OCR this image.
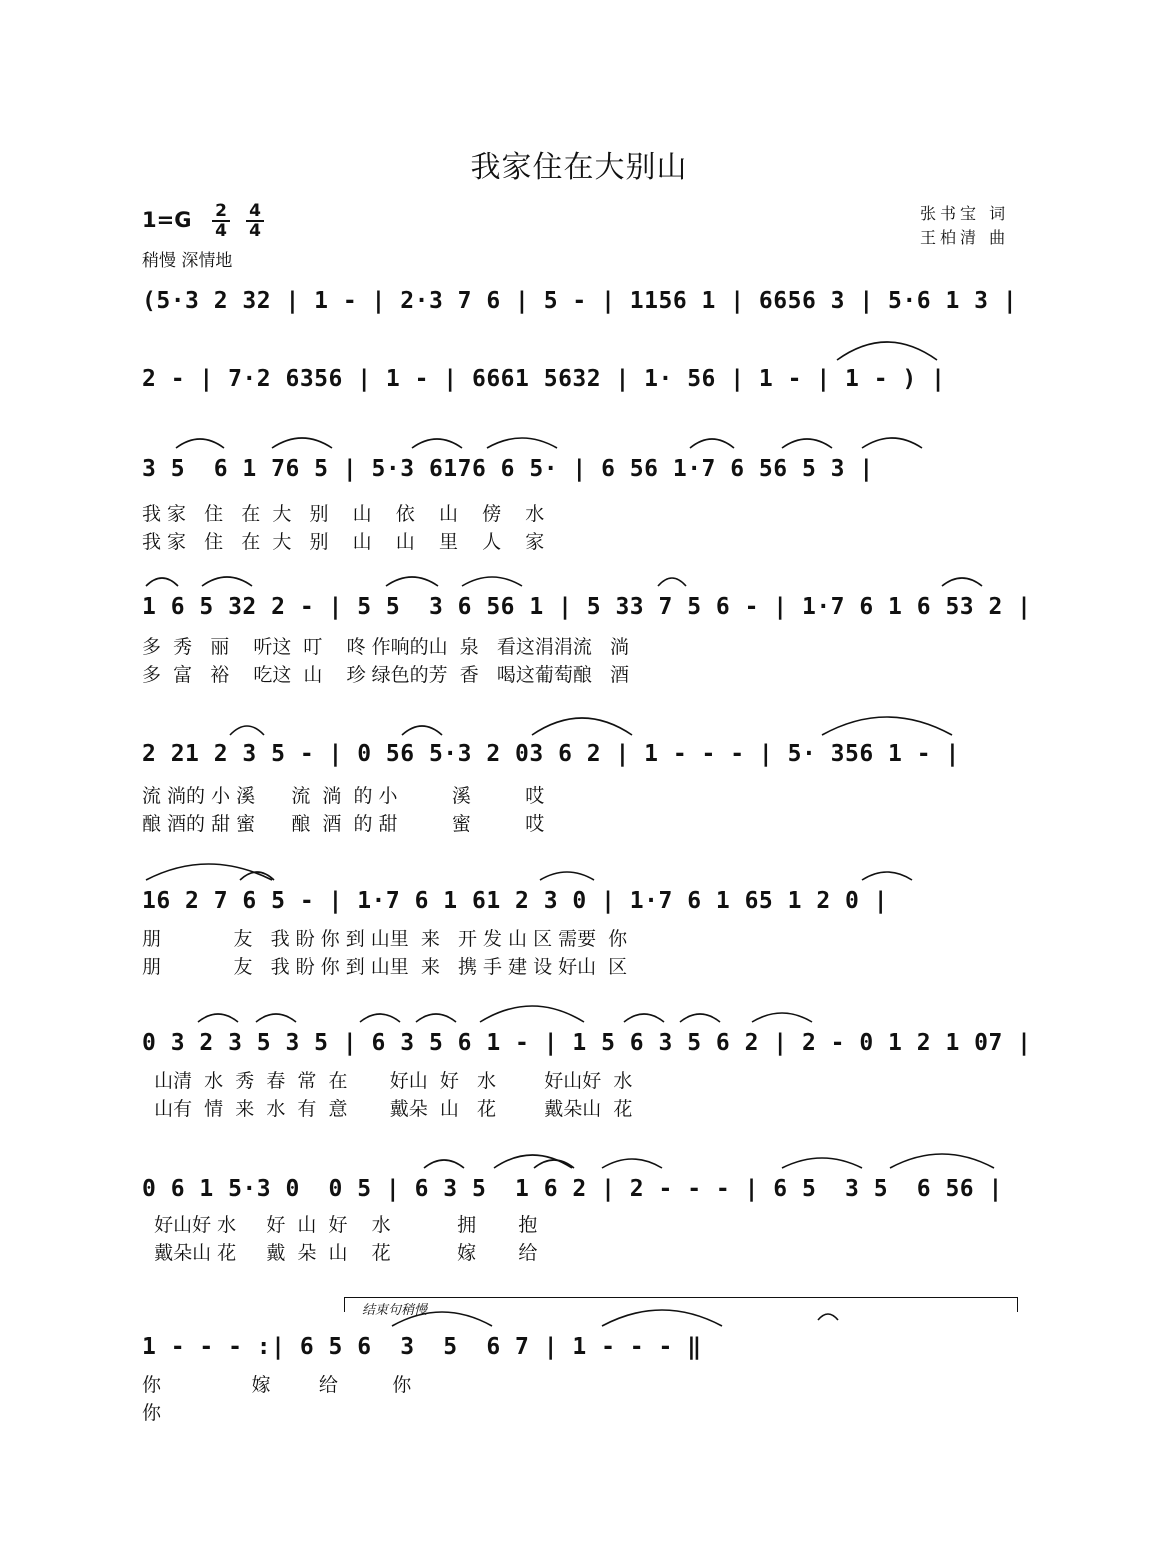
我家住在大别山
1=G 2
4
4
4
稍慢 深情地
张书宝 词
王柏清 曲
(5·3 2 32 | 1 - | 2·3 7 6 | 5 - | 1156 1 | 6656 3 | 5·6 1 3 |
2 - | 7·2 6356 | 1 - | 6661 5632 | 1· 56 | 1 - | 1 - ) |
3 5  6 1 76 5 | 5·3 6176 6 5· | 6 56 1·7 6 56 5 3 |
我 家   住   在  大   别    山    依    山    傍    水
我 家   住   在  大   别    山    山    里    人    家
1 6 5 32 2 - | 5 5  3 6 56 1 | 5 33 7 5 6 - | 1·7 6 1 6 53 2 |
多  秀   丽    听这  叮    咚 作响的山  泉   看这涓涓流   淌
多  富   裕    吃这  山    珍 绿色的芳  香   喝这葡萄酿   酒
2 21 2 3 5 - | 0 56 5·3 2 03 6 2 | 1 - - - | 5· 356 1 - |
流 淌的 小 溪      流  淌  的 小         溪         哎
酿 酒的 甜 蜜      酿  酒  的 甜         蜜         哎
16 2 7 6 5 - | 1·7 6 1 61 2 3 0 | 1·7 6 1 65 1 2 0 |
朋            友   我 盼 你 到 山里  来   开 发 山 区 需要  你
朋            友   我 盼 你 到 山里  来   携 手 建 设 好山  区
0 3 2 3 5 3 5 | 6 3 5 6 1 - | 1 5 6 3 5 6 2 | 2 - 0 1 2 1 07 |
山清  水  秀  春  常  在       好山  好   水        好山好  水
山有  情  来  水  有  意       戴朵  山   花        戴朵山  花
0 6 1 5·3 0  0 5 | 6 3 5  1 6 2 | 2 - - - | 6 5  3 5  6 56 |
好山好 水     好  山  好    水           拥       抱
戴朵山 花     戴  朵  山    花           嫁       给
结束句稍慢
1 - - - :| 6 5 6  3  5  6 7 | 1 - - - ‖
你               嫁        给         你
你
